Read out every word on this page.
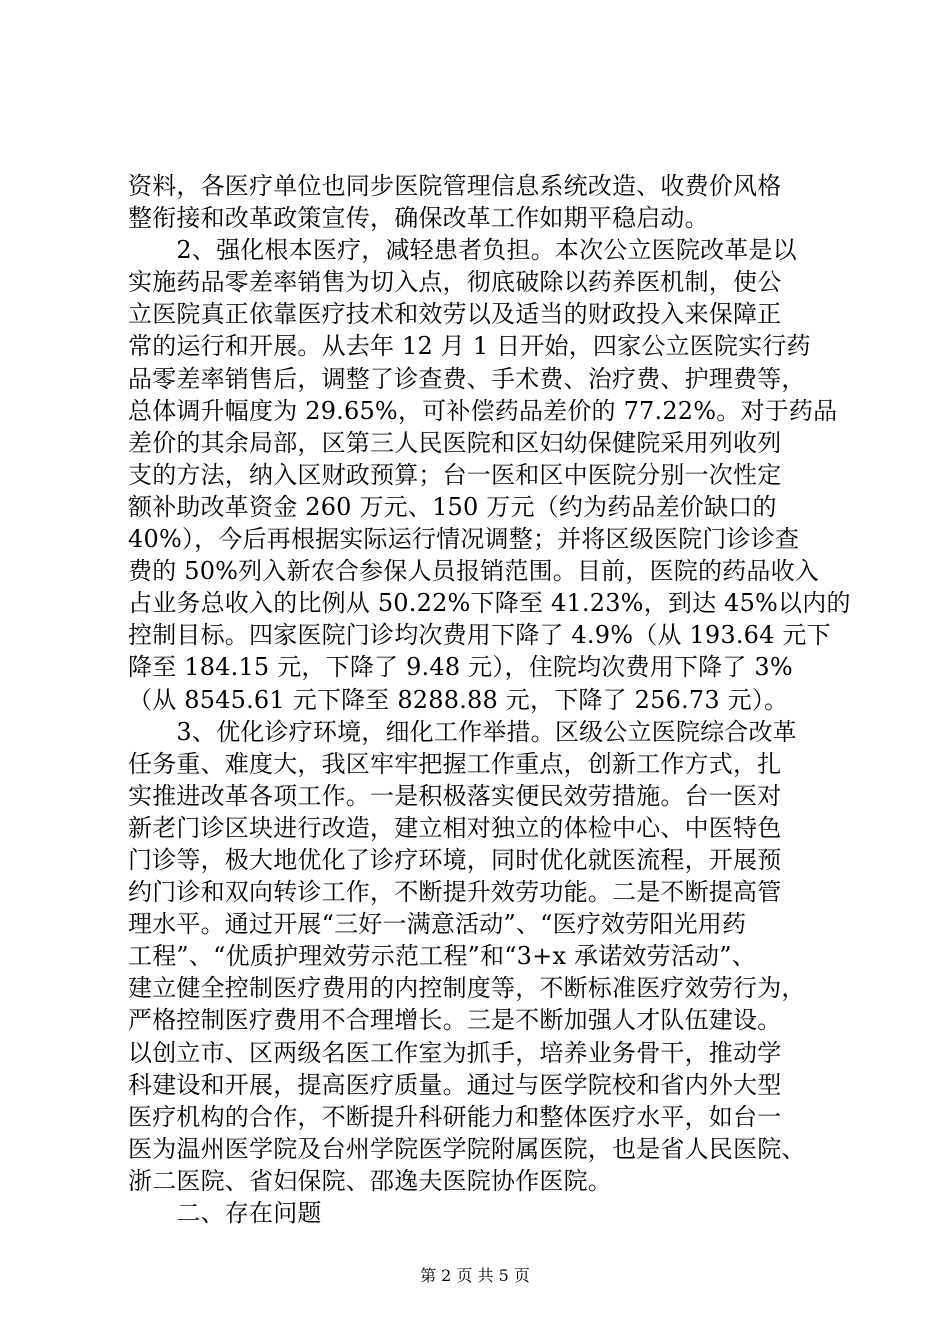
资料，各医疗单位也同步医院管理信息系统改造、收费价风格
整衔接和改革政策宣传，确保改革工作如期平稳启动。
　　2、强化根本医疗，减轻患者负担。本次公立医院改革是以
实施药品零差率销售为切入点，彻底破除以药养医机制，使公
立医院真正依靠医疗技术和效劳以及适当的财政投入来保障正
常的运行和开展。从去年 12 月 1 日开始，四家公立医院实行药
品零差率销售后，调整了诊查费、手术费、治疗费、护理费等，
总体调升幅度为 29.65%，可补偿药品差价的 77.22%。对于药品
差价的其余局部，区第三人民医院和区妇幼保健院采用列收列
支的方法，纳入区财政预算；台一医和区中医院分别一次性定
额补助改革资金 260 万元、150 万元（约为药品差价缺口的
40%），今后再根据实际运行情况调整；并将区级医院门诊诊查
费的 50%列入新农合参保人员报销范围。目前，医院的药品收入
占业务总收入的比例从 50.22%下降至 41.23%，到达 45%以内的
控制目标。四家医院门诊均次费用下降了 4.9%（从 193.64 元下
降至 184.15 元，下降了 9.48 元），住院均次费用下降了 3%
（从 8545.61 元下降至 8288.88 元，下降了 256.73 元）。
　　3、优化诊疗环境，细化工作举措。区级公立医院综合改革
任务重、难度大，我区牢牢把握工作重点，创新工作方式，扎
实推进改革各项工作。一是积极落实便民效劳措施。台一医对
新老门诊区块进行改造，建立相对独立的体检中心、中医特色
门诊等，极大地优化了诊疗环境，同时优化就医流程，开展预
约门诊和双向转诊工作，不断提升效劳功能。二是不断提高管
理水平。通过开展“三好一满意活动”、“医疗效劳阳光用药
工程”、“优质护理效劳示范工程”和“3+x 承诺效劳活动”、
建立健全控制医疗费用的内控制度等，不断标准医疗效劳行为，
严格控制医疗费用不合理增长。三是不断加强人才队伍建设。
以创立市、区两级名医工作室为抓手，培养业务骨干，推动学
科建设和开展，提高医疗质量。通过与医学院校和省内外大型
医疗机构的合作，不断提升科研能力和整体医疗水平，如台一
医为温州医学院及台州学院医学院附属医院，也是省人民医院、
浙二医院、省妇保院、邵逸夫医院协作医院。
　　二、存在问题
第 2 页 共 5 页
